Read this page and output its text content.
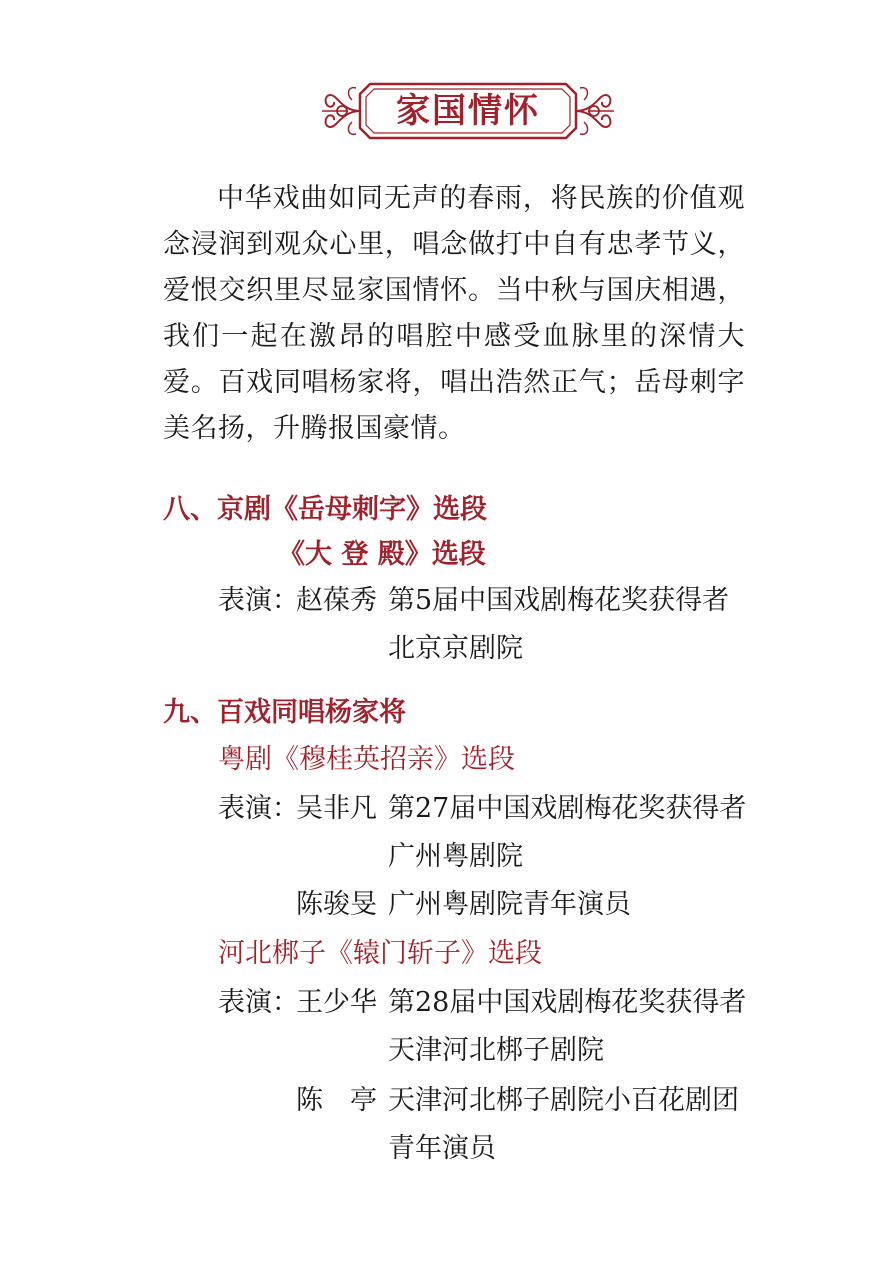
家国情怀
中华戏曲如同无声的春雨，将民族的价值观念浸润到观众心里，唱念做打中自有忠孝节义，爱恨交织里尽显家国情怀。当中秋与国庆相遇，我们一起在激昂的唱腔中感受血脉里的深情大爱。百戏同唱杨家将，唱出浩然正气；岳母刺字美名扬，升腾报国豪情。
八、京剧《岳母刺字》选段
《大 登 殿》选段
表演：
赵葆秀 第5届中国戏剧梅花奖获得者
北京京剧院
九、百戏同唱杨家将
粤剧《穆桂英招亲》选段
表演：
吴非凡 第27届中国戏剧梅花奖获得者
广州粤剧院
陈骏旻 广州粤剧院青年演员
河北梆子《辕门斩子》选段
表演：
王少华 第28届中国戏剧梅花奖获得者
天津河北梆子剧院
陈　亭 天津河北梆子剧院小百花剧团
青年演员
